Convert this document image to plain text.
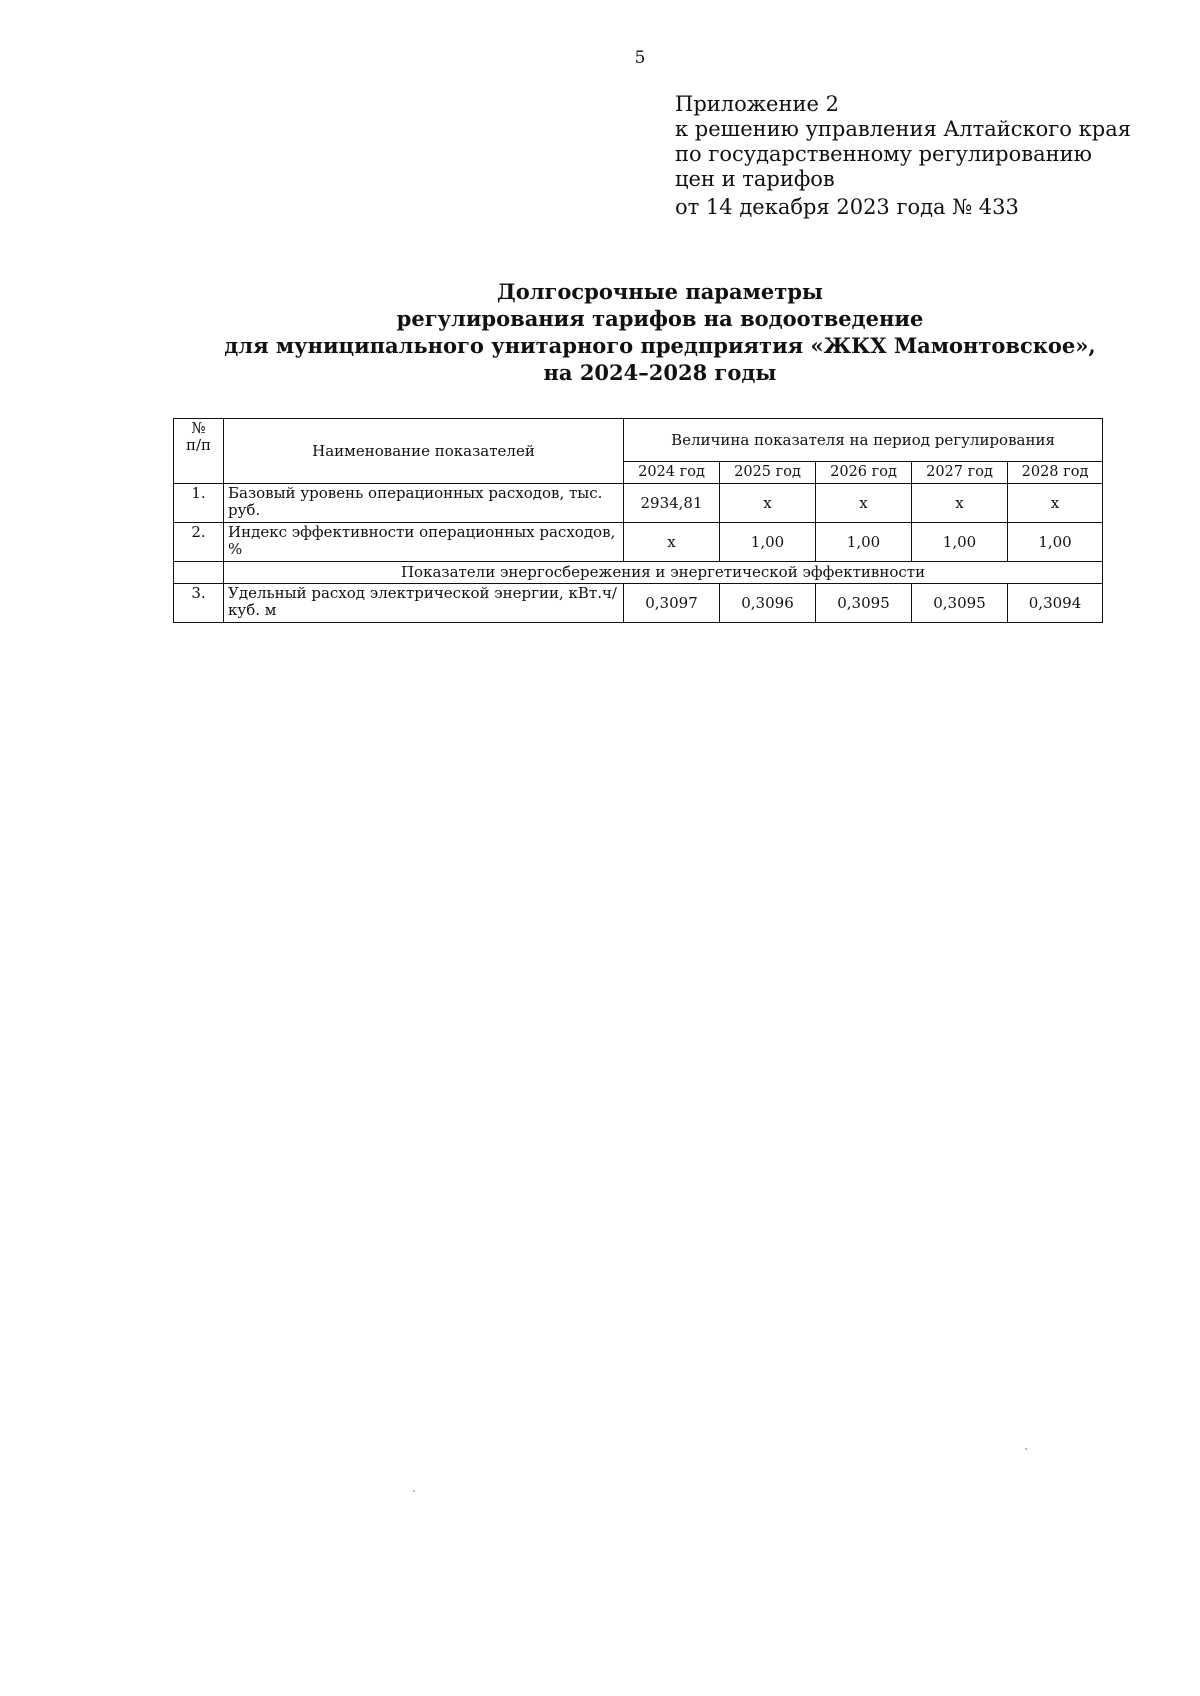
5
Приложение 2
к решению управления Алтайского края
по государственному регулированию
цен и тарифов
от 14 декабря 2023 года № 433
Долгосрочные параметры
регулирования тарифов на водоотведение
для муниципального унитарного предприятия «ЖКХ Мамонтовское»,
на 2024–2028 годы
№
п/п	Наименование показателей	Величина показателя на период регулирования				
		2024 год	2025 год	2026 год	2027 год	2028 год
1.	Базовый уровень операционных расходов, тыс. руб.	2934,81	х	х	х	х
2.	Индекс эффективности операционных расходов, %	х	1,00	1,00	1,00	1,00
	Показатели энергосбережения и энергетической эффективности					
3.	Удельный расход электрической энергии, кВт.ч/куб. м	0,3097	0,3096	0,3095	0,3095	0,3094
